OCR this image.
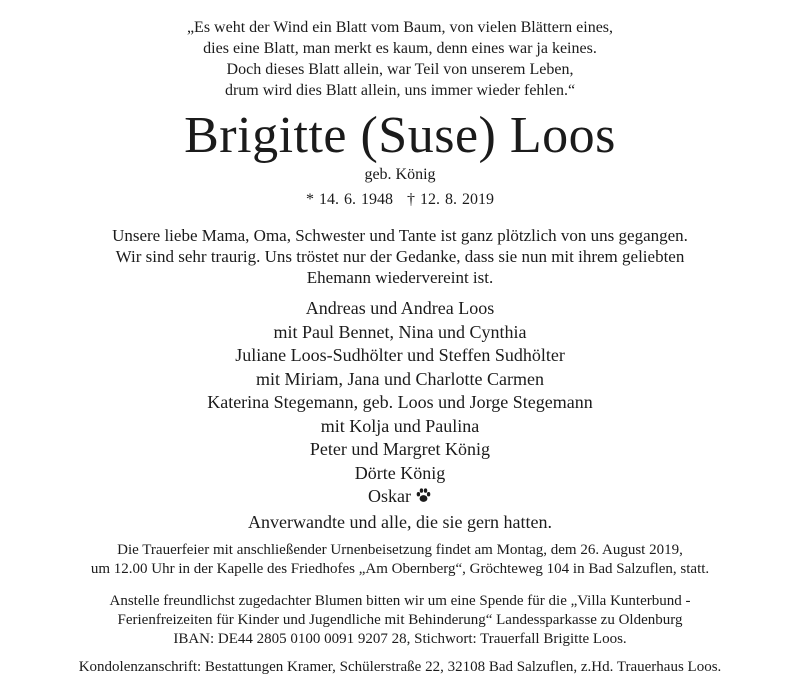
„Es weht der Wind ein Blatt vom Baum, von vielen Blättern eines,
dies eine Blatt, man merkt es kaum, denn eines war ja keines.
Doch dieses Blatt allein, war Teil von unserem Leben,
drum wird dies Blatt allein, uns immer wieder fehlen.“
Brigitte (Suse) Loos
geb. König
* 14. 6. 1948 † 12. 8. 2019
Unsere liebe Mama, Oma, Schwester und Tante ist ganz plötzlich von uns gegangen.
Wir sind sehr traurig. Uns tröstet nur der Gedanke, dass sie nun mit ihrem geliebten
Ehemann wiedervereint ist.
Andreas und Andrea Loos
mit Paul Bennet, Nina und Cynthia
Juliane Loos-Sudhölter und Steffen Sudhölter
mit Miriam, Jana und Charlotte Carmen
Katerina Stegemann, geb. Loos und Jorge Stegemann
mit Kolja und Paulina
Peter und Margret König
Dörte König
Oskar
Anverwandte und alle, die sie gern hatten.
Die Trauerfeier mit anschließender Urnenbeisetzung findet am Montag, dem 26. August 2019,
um 12.00 Uhr in der Kapelle des Friedhofes „Am Obernberg“, Gröchteweg 104 in Bad Salzuflen, statt.
Anstelle freundlichst zugedachter Blumen bitten wir um eine Spende für die „Villa Kunterbund -
Ferienfreizeiten für Kinder und Jugendliche mit Behinderung“ Landessparkasse zu Oldenburg
IBAN: DE44 2805 0100 0091 9207 28, Stichwort: Trauerfall Brigitte Loos.
Kondolenzanschrift: Bestattungen Kramer, Schülerstraße 22, 32108 Bad Salzuflen, z.Hd. Trauerhaus Loos.
